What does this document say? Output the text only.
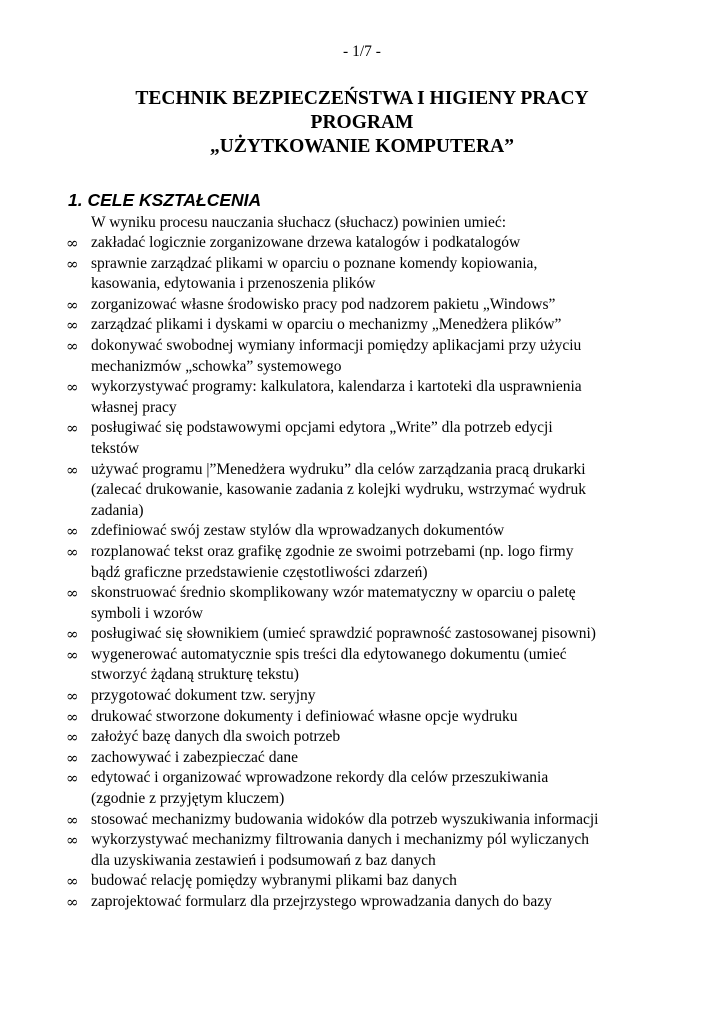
- 1/7 -
TECHNIK BEZPIECZEŃSTWA I HIGIENY PRACY
PROGRAM
„UŻYTKOWANIE KOMPUTERA”
1. CELE KSZTAŁCENIA
W wyniku procesu nauczania słuchacz (słuchacz) powinien umieć:
∞ zakładać logicznie zorganizowane drzewa katalogów i podkatalogów
∞ sprawnie zarządzać plikami w oparciu o poznane komendy kopiowania,
kasowania, edytowania i przenoszenia plików
∞ zorganizować własne środowisko pracy pod nadzorem pakietu „Windows”
∞ zarządzać plikami i dyskami w oparciu o mechanizmy „Menedżera plików”
∞ dokonywać swobodnej wymiany informacji pomiędzy aplikacjami przy użyciu
mechanizmów „schowka” systemowego
∞ wykorzystywać programy: kalkulatora, kalendarza i kartoteki dla usprawnienia
własnej pracy
∞ posługiwać się podstawowymi opcjami edytora „Write” dla potrzeb edycji
tekstów
∞ używać programu |”Menedżera wydruku” dla celów zarządzania pracą drukarki
(zalecać drukowanie, kasowanie zadania z kolejki wydruku, wstrzymać wydruk
zadania)
∞ zdefiniować swój zestaw stylów dla wprowadzanych dokumentów
∞ rozplanować tekst oraz grafikę zgodnie ze swoimi potrzebami (np. logo firmy
bądź graficzne przedstawienie częstotliwości zdarzeń)
∞ skonstruować średnio skomplikowany wzór matematyczny w oparciu o paletę
symboli i wzorów
∞ posługiwać się słownikiem (umieć sprawdzić poprawność zastosowanej pisowni)
∞ wygenerować automatycznie spis treści dla edytowanego dokumentu (umieć
stworzyć żądaną strukturę tekstu)
∞ przygotować dokument tzw. seryjny
∞ drukować stworzone dokumenty i definiować własne opcje wydruku
∞ założyć bazę danych dla swoich potrzeb
∞ zachowywać i zabezpieczać dane
∞ edytować i organizować wprowadzone rekordy dla celów przeszukiwania
(zgodnie z przyjętym kluczem)
∞ stosować mechanizmy budowania widoków dla potrzeb wyszukiwania informacji
∞ wykorzystywać mechanizmy filtrowania danych i mechanizmy pól wyliczanych
dla uzyskiwania zestawień i podsumowań z baz danych
∞ budować relację pomiędzy wybranymi plikami baz danych
∞ zaprojektować formularz dla przejrzystego wprowadzania danych do bazy
